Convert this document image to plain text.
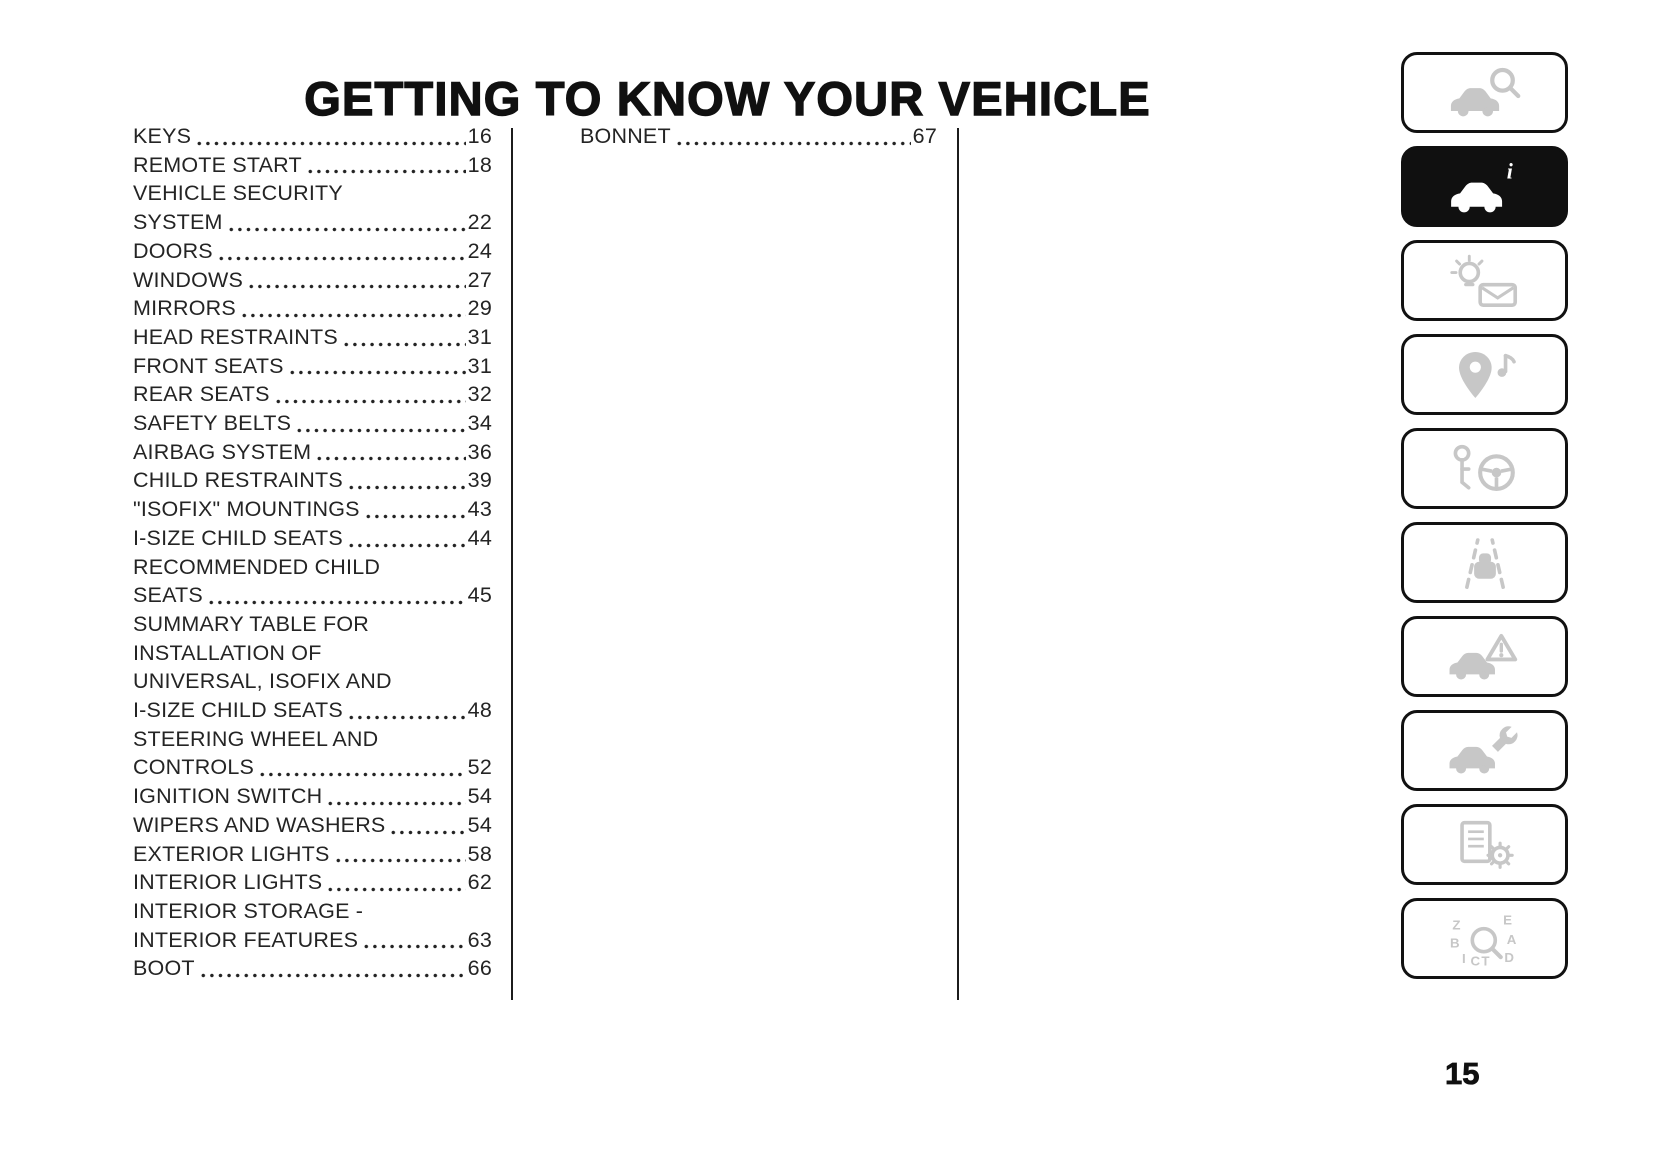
GETTING TO KNOW YOUR VEHICLE
KEYS	16
REMOTE START	18
VEHICLE SECURITY
SYSTEM	22
DOORS	24
WINDOWS	27
MIRRORS	29
HEAD RESTRAINTS	31
FRONT SEATS	31
REAR SEATS	32
SAFETY BELTS	34
AIRBAG SYSTEM	36
CHILD RESTRAINTS	39
"ISOFIX" MOUNTINGS	43
I-SIZE CHILD SEATS	44
RECOMMENDED CHILD
SEATS	45
SUMMARY TABLE FOR
INSTALLATION OF
UNIVERSAL, ISOFIX AND
I-SIZE CHILD SEATS	48
STEERING WHEEL AND
CONTROLS	52
IGNITION SWITCH	54
WIPERS AND WASHERS	54
EXTERIOR LIGHTS	58
INTERIOR LIGHTS	62
INTERIOR STORAGE -
INTERIOR FEATURES	63
BOOT	66
BONNET	67
i
Z	E
B	A
I C T D
15
